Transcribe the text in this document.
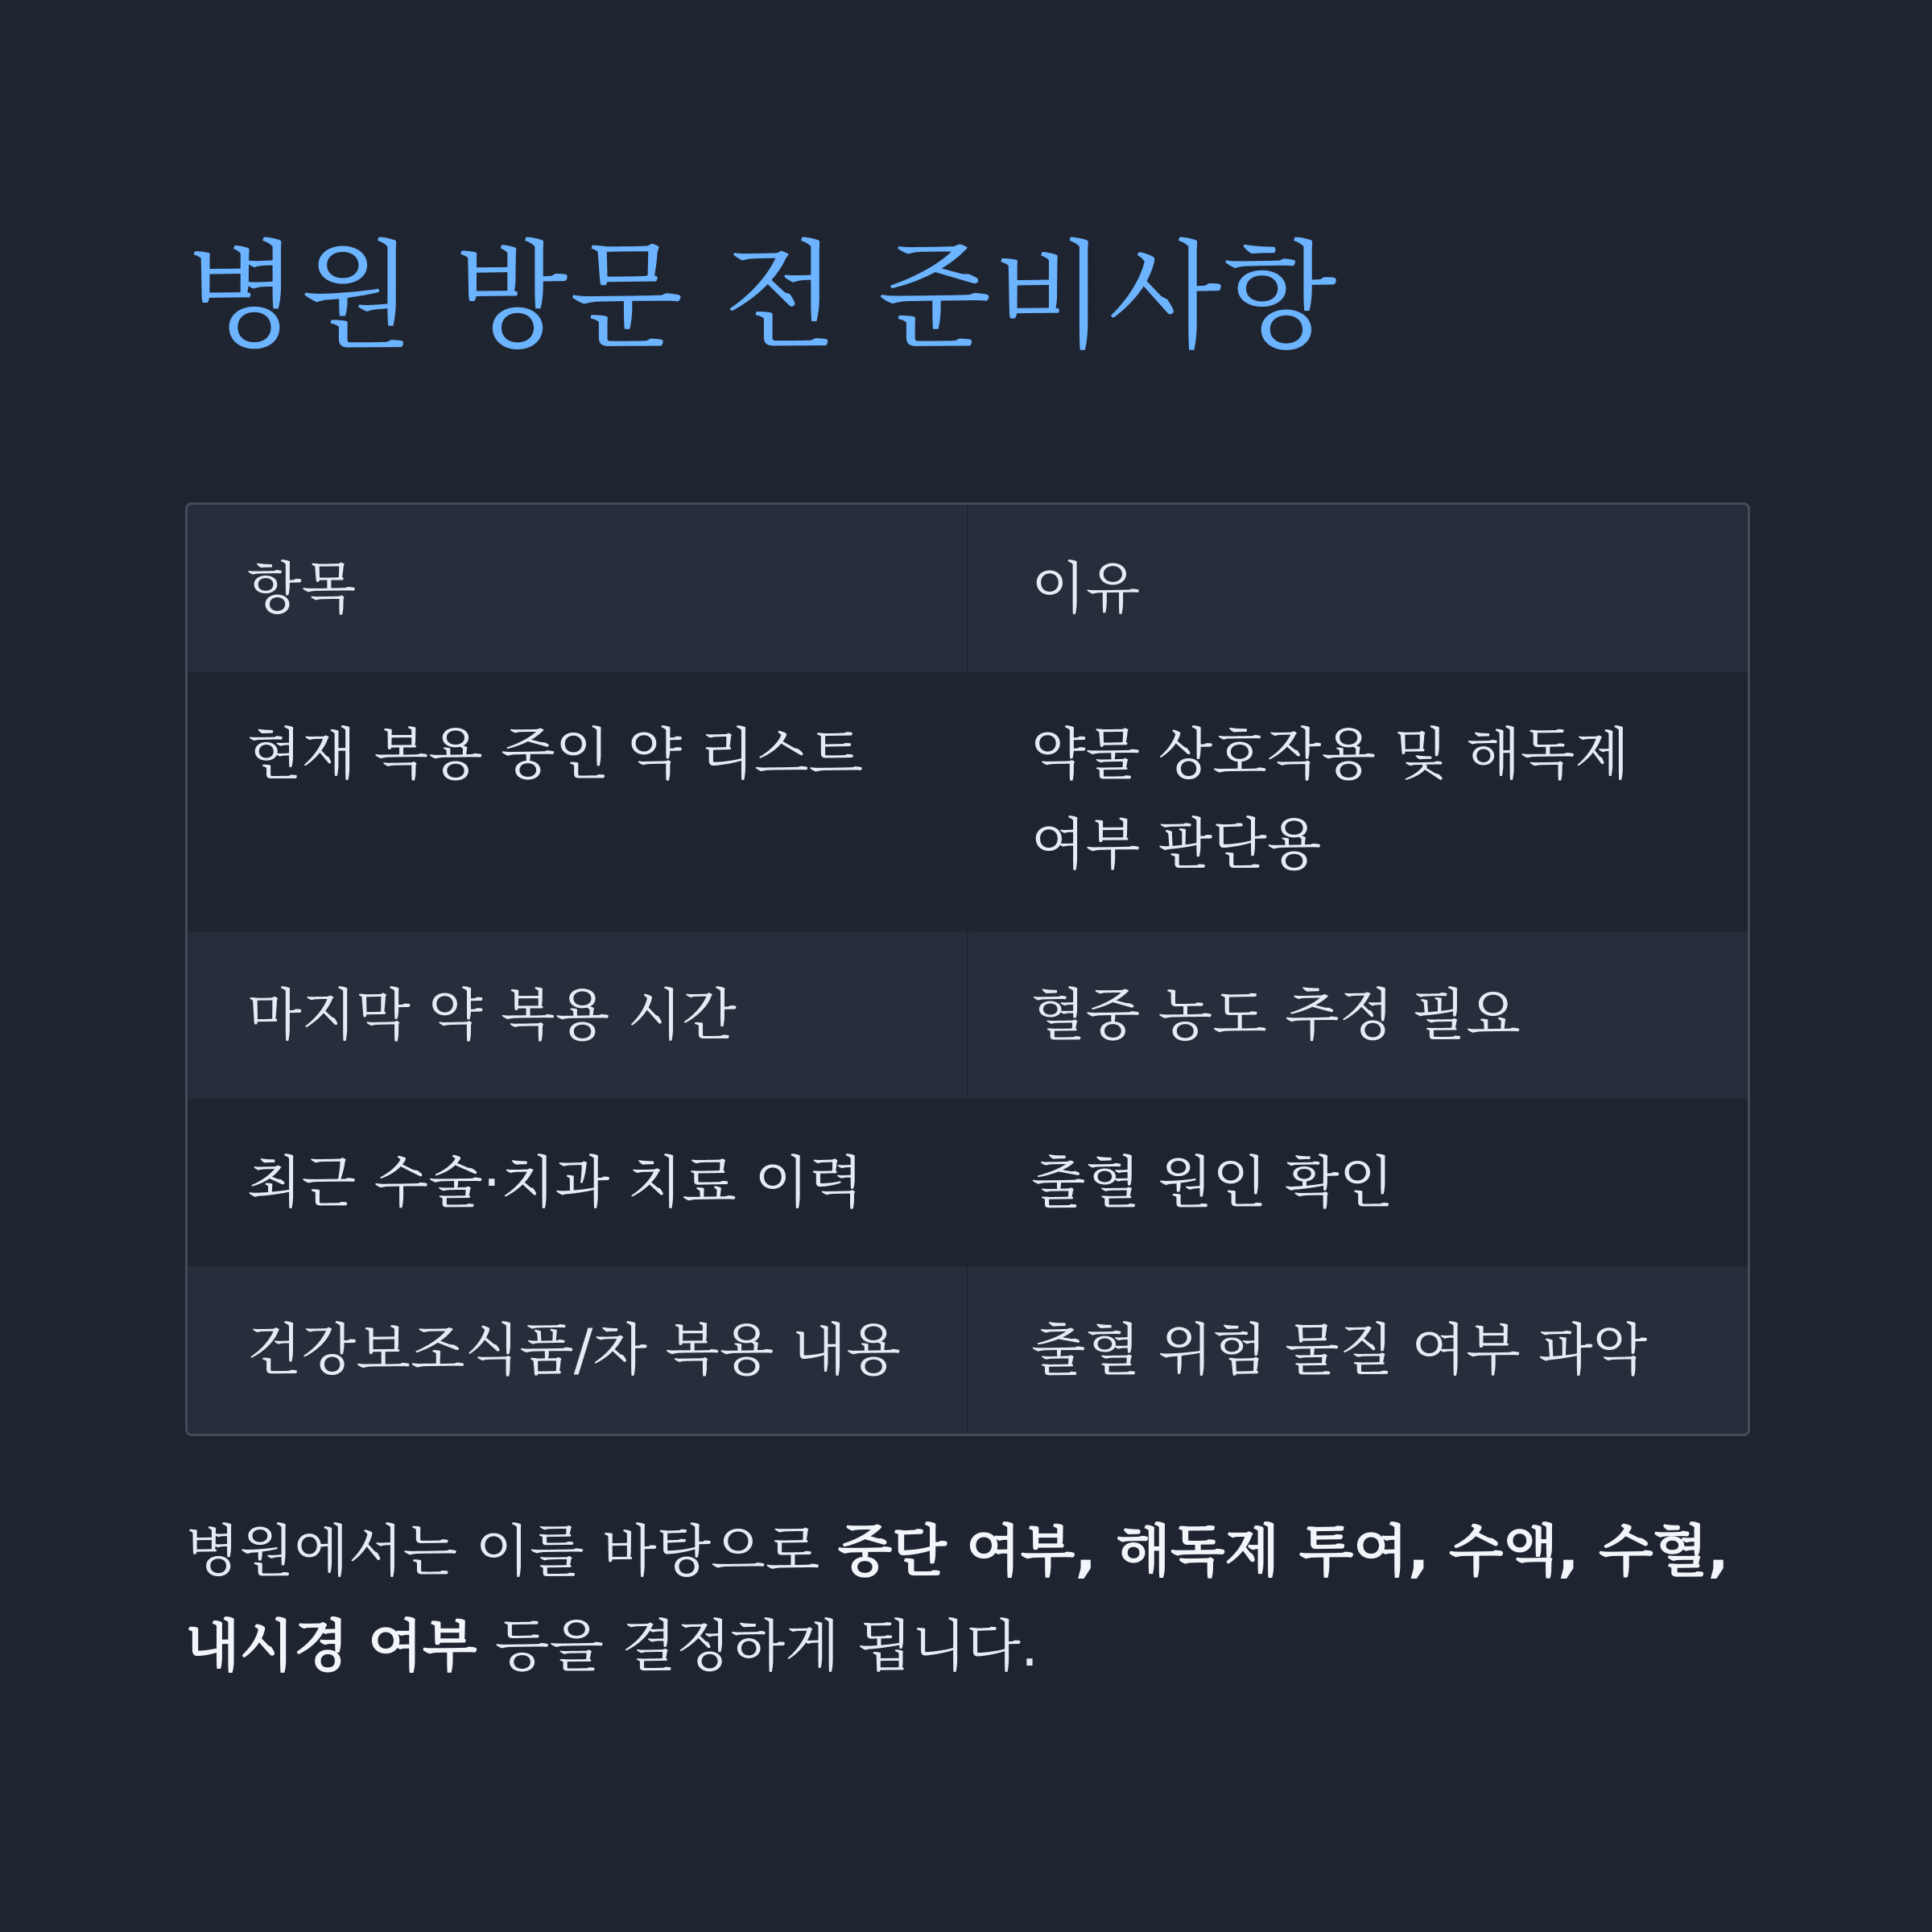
병원 방문 전 준비사항
항목	이유
현재 복용 중인 약 리스트	약물 상호작용 및 해독제 여부 판단용
마지막 약 복용 시간	혈중 농도 추정 필요
최근 수술·치과 치료 이력	출혈 원인 확인
건강보조식품/차 복용 내용	출혈 위험 물질 여부 파악

병원에서는 이를 바탕으로 중단 여부, 해독제 투여, 수액, 수혈, 내시경 여부 등을 결정하게 됩니다.
